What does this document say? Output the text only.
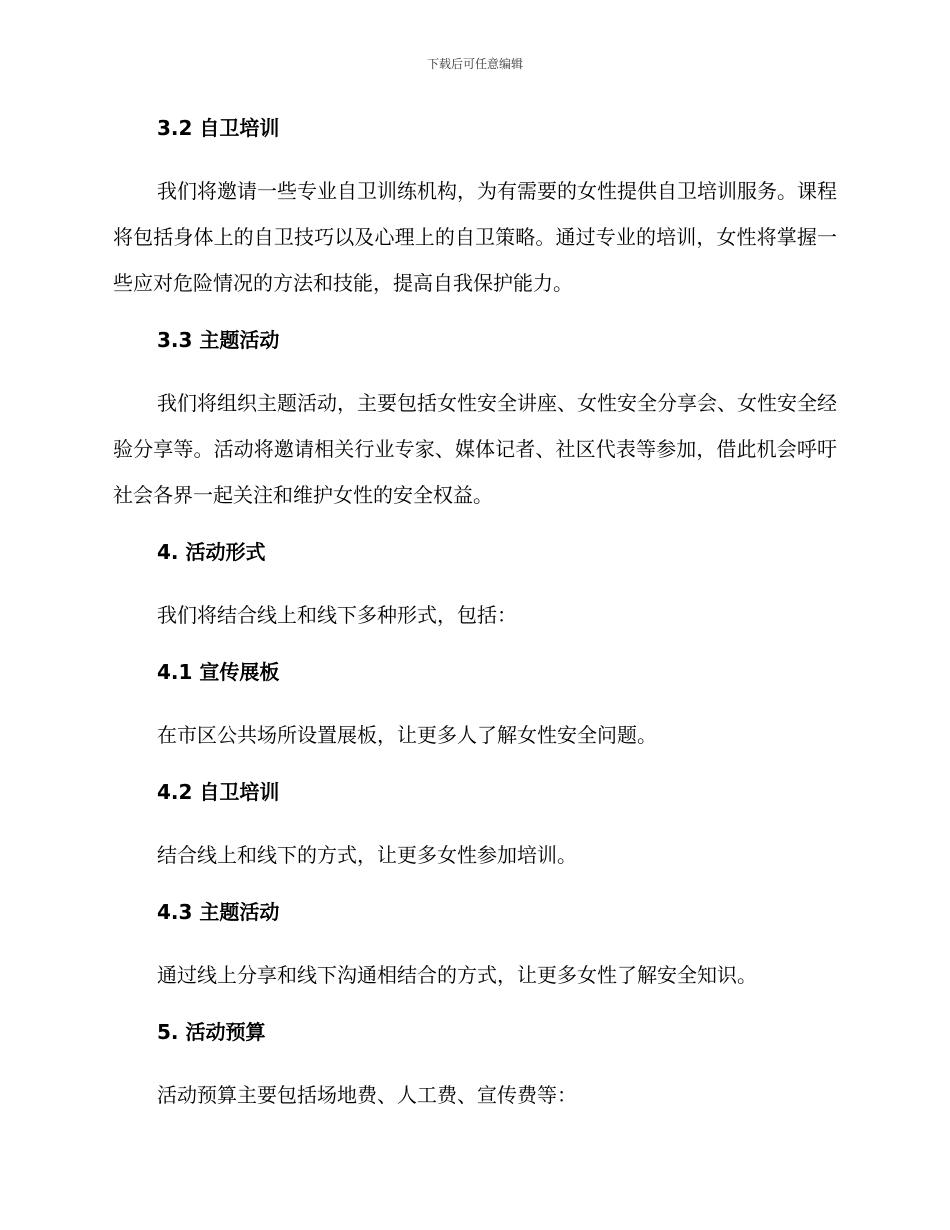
下载后可任意编辑
3.2 自卫培训

我们将邀请一些专业自卫训练机构，为有需要的女性提供自卫培训服务。课程将包括身体上的自卫技巧以及心理上的自卫策略。通过专业的培训，女性将掌握一些应对危险情况的方法和技能，提高自我保护能力。

3.3 主题活动

我们将组织主题活动，主要包括女性安全讲座、女性安全分享会、女性安全经验分享等。活动将邀请相关行业专家、媒体记者、社区代表等参加，借此机会呼吁社会各界一起关注和维护女性的安全权益。

4. 活动形式

我们将结合线上和线下多种形式，包括：

4.1 宣传展板

在市区公共场所设置展板，让更多人了解女性安全问题。

4.2 自卫培训

结合线上和线下的方式，让更多女性参加培训。

4.3 主题活动

通过线上分享和线下沟通相结合的方式，让更多女性了解安全知识。

5. 活动预算

活动预算主要包括场地费、人工费、宣传费等：
